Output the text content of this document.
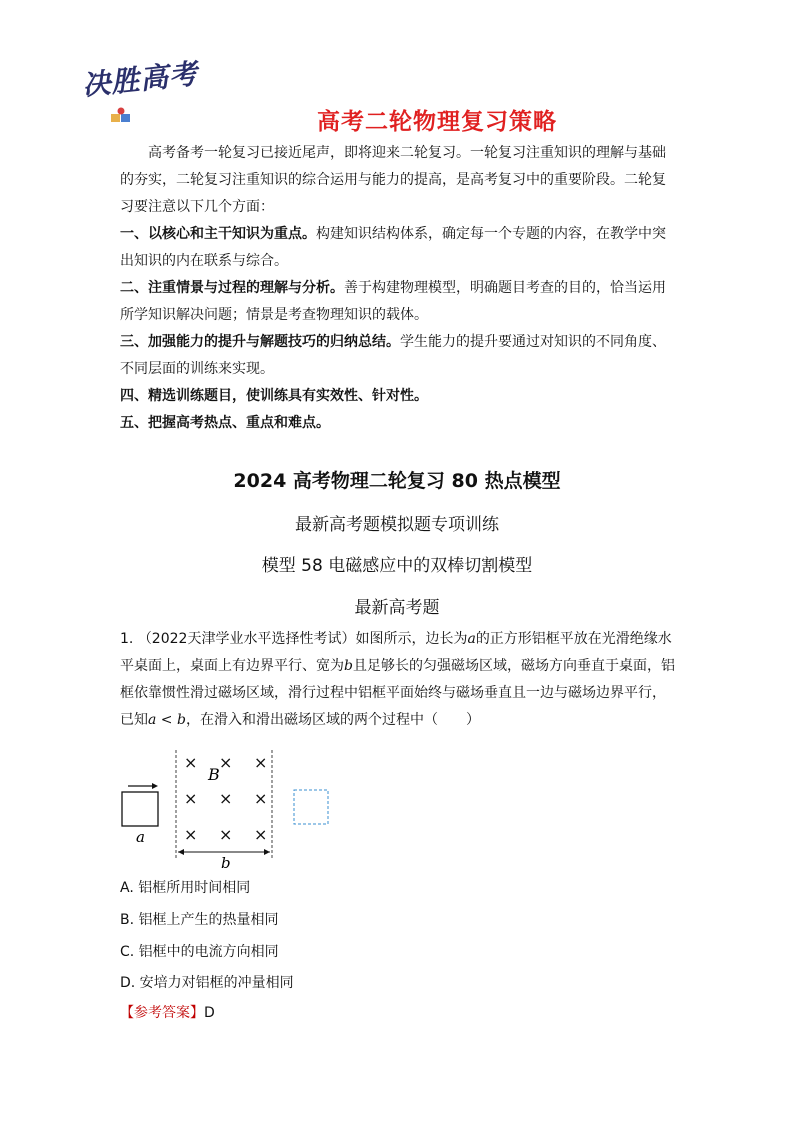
决胜高考
高考二轮物理复习策略
高考备考一轮复习已接近尾声，即将迎来二轮复习。一轮复习注重知识的理解与基础的夯实，二轮复习注重知识的综合运用与能力的提高，是高考复习中的重要阶段。二轮复习要注意以下几个方面：
一、以核心和主干知识为重点。构建知识结构体系，确定每一个专题的内容，在教学中突出知识的内在联系与综合。
二、注重情景与过程的理解与分析。善于构建物理模型，明确题目考查的目的，恰当运用所学知识解决问题；情景是考查物理知识的载体。
三、加强能力的提升与解题技巧的归纳总结。学生能力的提升要通过对知识的不同角度、不同层面的训练来实现。
四、精选训练题目，使训练具有实效性、针对性。
五、把握高考热点、重点和难点。
2024 高考物理二轮复习 80 热点模型
最新高考题模拟题专项训练
模型 58 电磁感应中的双棒切割模型
最新高考题
1. （2022天津学业水平选择性考试）如图所示，边长为a的正方形铝框平放在光滑绝缘水平桌面上，桌面上有边界平行、宽为b且足够长的匀强磁场区域，磁场方向垂直于桌面，铝框依靠惯性滑过磁场区域，滑行过程中铝框平面始终与磁场垂直且一边与磁场边界平行，已知a < b，在滑入和滑出磁场区域的两个过程中（　　）
a
× × ×
× × ×
× × ×
B
b
A. 铝框所用时间相同
B. 铝框上产生的热量相同
C. 铝框中的电流方向相同
D. 安培力对铝框的冲量相同
【参考答案】D
